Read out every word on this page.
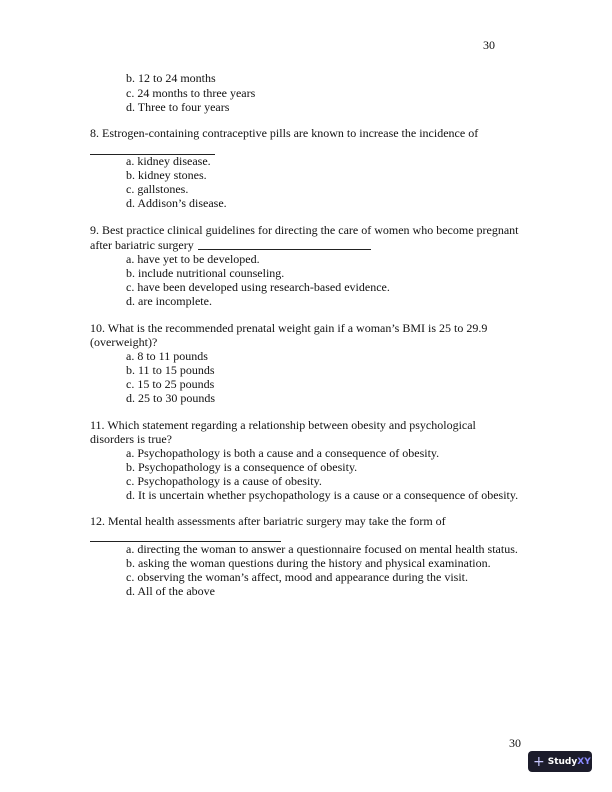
30
b. 12 to 24 months
c. 24 months to three years
d. Three to four years
8. Estrogen-containing contraceptive pills are known to increase the incidence of
a. kidney disease.
b. kidney stones.
c. gallstones.
d. Addison’s disease.
9. Best practice clinical guidelines for directing the care of women who become pregnant
after bariatric surgery
a. have yet to be developed.
b. include nutritional counseling.
c. have been developed using research-based evidence.
d. are incomplete.
10. What is the recommended prenatal weight gain if a woman’s BMI is 25 to 29.9
(overweight)?
a. 8 to 11 pounds
b. 11 to 15 pounds
c. 15 to 25 pounds
d. 25 to 30 pounds
11. Which statement regarding a relationship between obesity and psychological
disorders is true?
a. Psychopathology is both a cause and a consequence of obesity.
b. Psychopathology is a consequence of obesity.
c. Psychopathology is a cause of obesity.
d. It is uncertain whether psychopathology is a cause or a consequence of obesity.
12. Mental health assessments after bariatric surgery may take the form of
a. directing the woman to answer a questionnaire focused on mental health status.
b. asking the woman questions during the history and physical examination.
c. observing the woman’s affect, mood and appearance during the visit.
d. All of the above
30
+ StudyXY
